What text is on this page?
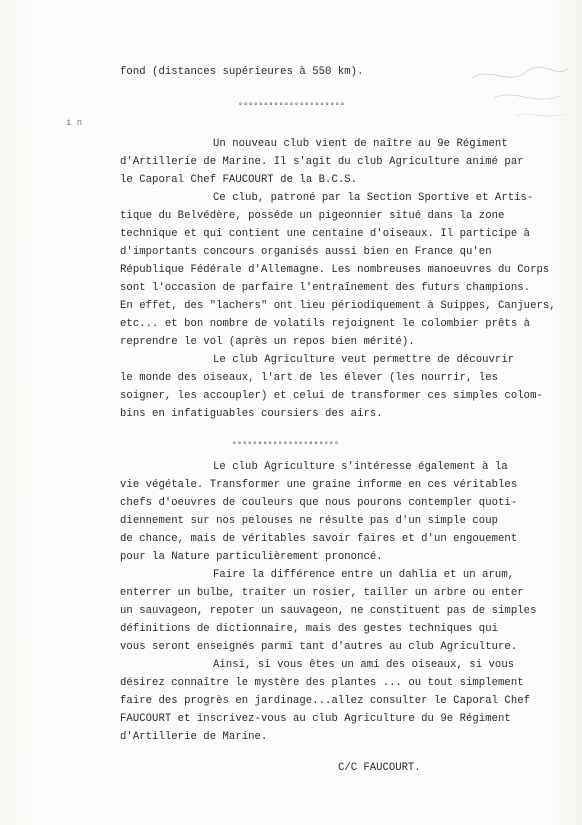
i n
fond (distances supérieures à 550 km).
°°°°°°°°°°°°°°°°°°°°°
Un nouveau club vient de naître au 9e Régiment
d'Artillerie de Marine. Il s'agit du club Agriculture animé par
le Caporal Chef FAUCOURT de la B.C.S.
Ce club, patroné par la Section Sportive et Artis-
tique du Belvédère, posséde un pigeonnier situé dans la zone
technique et qui contient une centaine d'oiseaux. Il participe à
d'importants concours organisés aussi bien en France qu'en
République Fédérale d'Allemagne. Les nombreuses manoeuvres du Corps
sont l'occasion de parfaire l'entraînement des futurs champions.
En effet, des "lachers" ont lieu périodiquement à Suippes, Canjuers,
etc... et bon nombre de volatils rejoignent le colombier prêts à
reprendre le vol (après un repos bien mérité).
Le club Agriculture veut permettre de découvrir
le monde des oiseaux, l'art de les élever (les nourrir, les
soigner, les accoupler) et celui de transformer ces simples colom-
bins en infatiguables coursiers des airs.
°°°°°°°°°°°°°°°°°°°°°
Le club Agriculture s'intéresse également à la
vie végétale. Transformer une graine informe en ces véritables
chefs d'oeuvres de couleurs que nous pourons contempler quoti-
diennement sur nos pelouses ne résulte pas d'un simple coup
de chance, mais de véritables savoir faires et d'un engouement
pour la Nature particulièrement prononcé.
Faire la différence entre un dahlia et un arum,
enterrer un bulbe, traiter un rosier, tailler un arbre ou enter
un sauvageon, repoter un sauvageon, ne constituent pas de simples
définitions de dictionnaire, mais des gestes techniques qui
vous seront enseignés parmi tant d'autres au club Agriculture.
Ainsi, si vous êtes un ami des oiseaux, si vous
désirez connaître le mystère des plantes ... ou tout simplement
faire des progrès en jardinage...allez consulter le Caporal Chef
FAUCOURT et inscrivez-vous au club Agriculture du 9e Régiment
d'Artillerie de Marine.
C/C FAUCOURT.
